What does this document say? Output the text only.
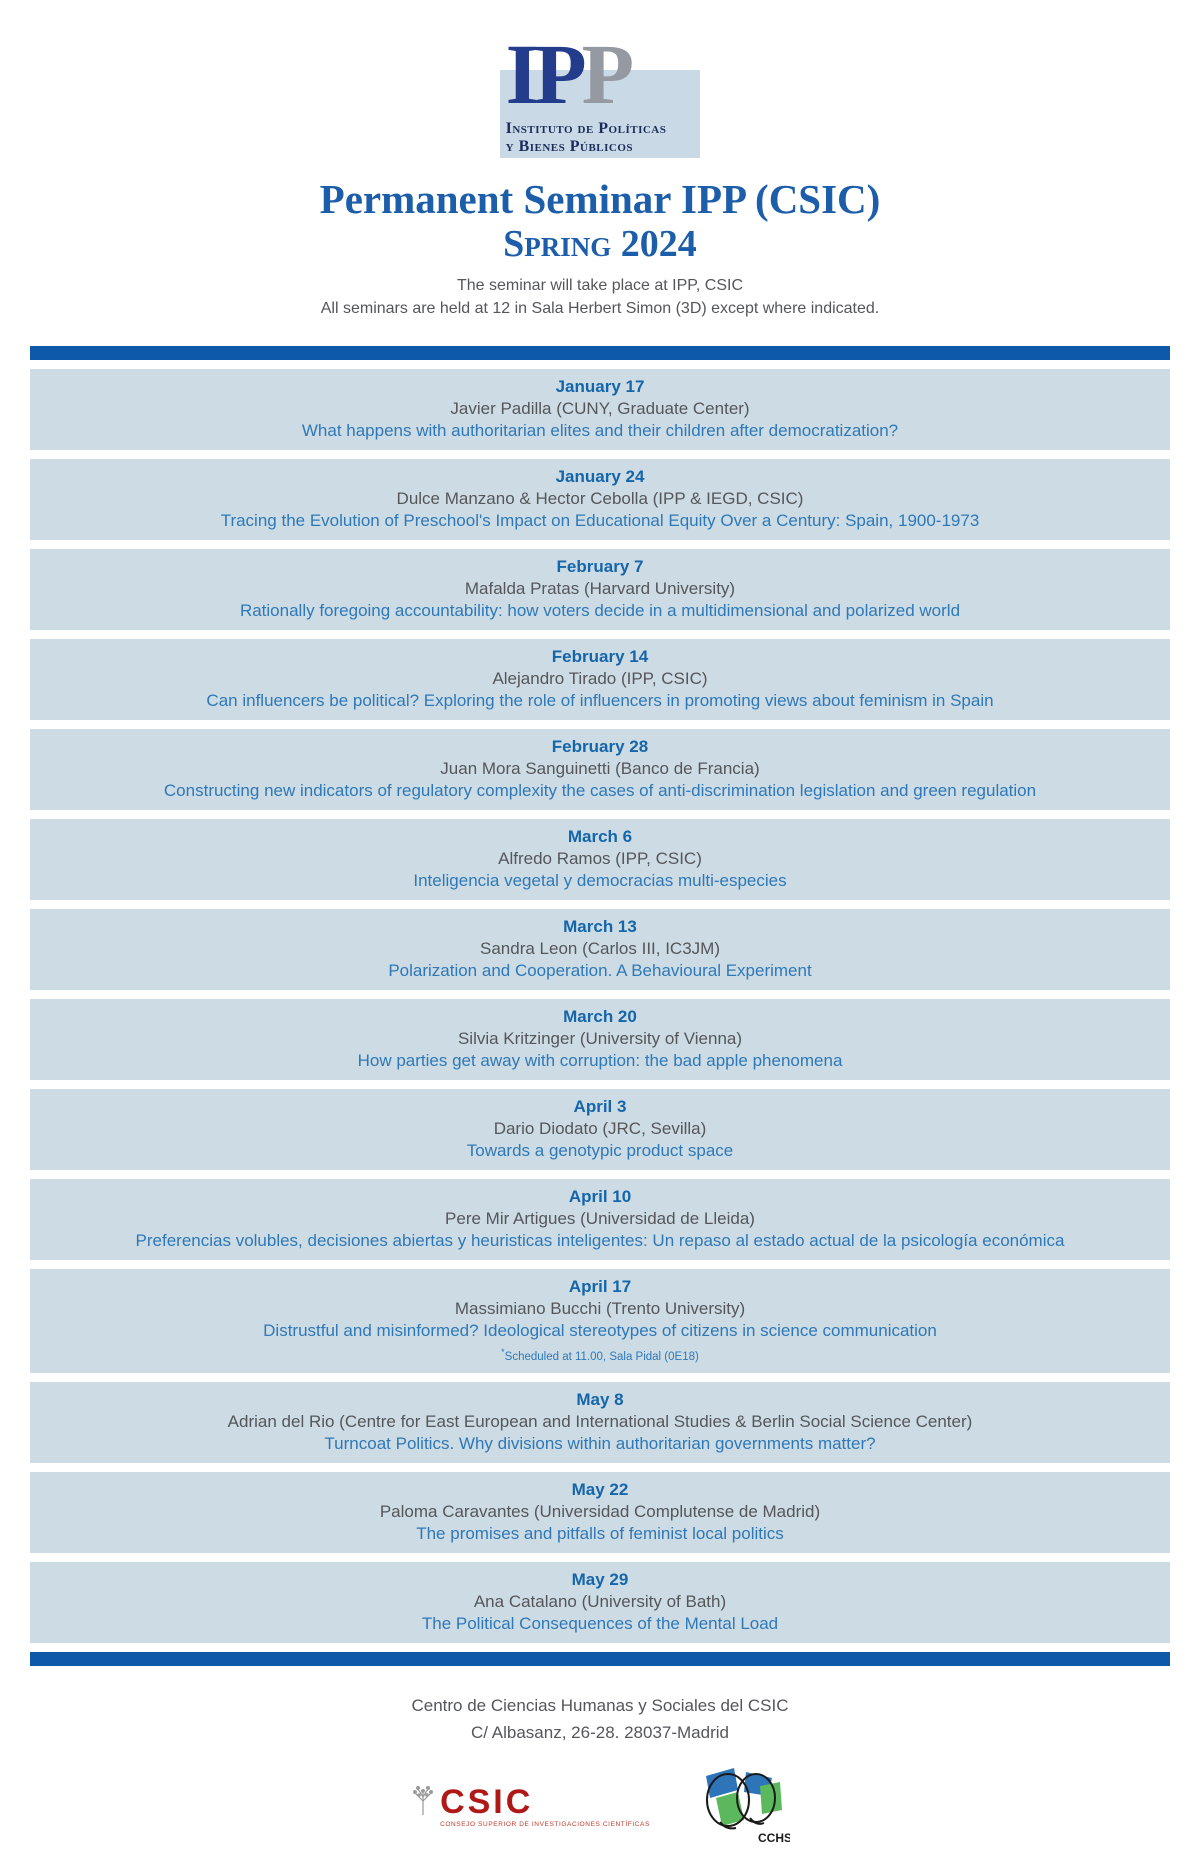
IPP
Instituto de Políticas
y Bienes Públicos
Permanent Seminar IPP (CSIC)
Spring 2024
The seminar will take place at IPP, CSIC
All seminars are held at 12 in Sala Herbert Simon (3D) except where indicated.
January 17
Javier Padilla (CUNY, Graduate Center)
What happens with authoritarian elites and their children after democratization?
January 24
Dulce Manzano & Hector Cebolla (IPP & IEGD, CSIC)
Tracing the Evolution of Preschool's Impact on Educational Equity Over a Century: Spain, 1900-1973
February 7
Mafalda Pratas (Harvard University)
Rationally foregoing accountability: how voters decide in a multidimensional and polarized world
February 14
Alejandro Tirado (IPP, CSIC)
Can influencers be political? Exploring the role of influencers in promoting views about feminism in Spain
February 28
Juan Mora Sanguinetti (Banco de Francia)
Constructing new indicators of regulatory complexity the cases of anti-discrimination legislation and green regulation
March 6
Alfredo Ramos (IPP, CSIC)
Inteligencia vegetal y democracias multi-especies
March 13
Sandra Leon (Carlos III, IC3JM)
Polarization and Cooperation. A Behavioural Experiment
March 20
Silvia Kritzinger (University of Vienna)
How parties get away with corruption: the bad apple phenomena
April 3
Dario Diodato (JRC, Sevilla)
Towards a genotypic product space
April 10
Pere Mir Artigues (Universidad de Lleida)
Preferencias volubles, decisiones abiertas y heuristicas inteligentes: Un repaso al estado actual de la psicología económica
April 17
Massimiano Bucchi (Trento University)
Distrustful and misinformed? Ideological stereotypes of citizens in science communication
*Scheduled at 11.00, Sala Pidal (0E18)
May 8
Adrian del Rio (Centre for East European and International Studies & Berlin Social Science Center)
Turncoat Politics. Why divisions within authoritarian governments matter?
May 22
Paloma Caravantes (Universidad Complutense de Madrid)
The promises and pitfalls of feminist local politics
May 29
Ana Catalano (University of Bath)
The Political Consequences of the Mental Load
Centro de Ciencias Humanas y Sociales del CSIC
C/ Albasanz, 26-28. 28037-Madrid
CSIC
CONSEJO SUPERIOR DE INVESTIGACIONES CIENTÍFICAS
CCHS
